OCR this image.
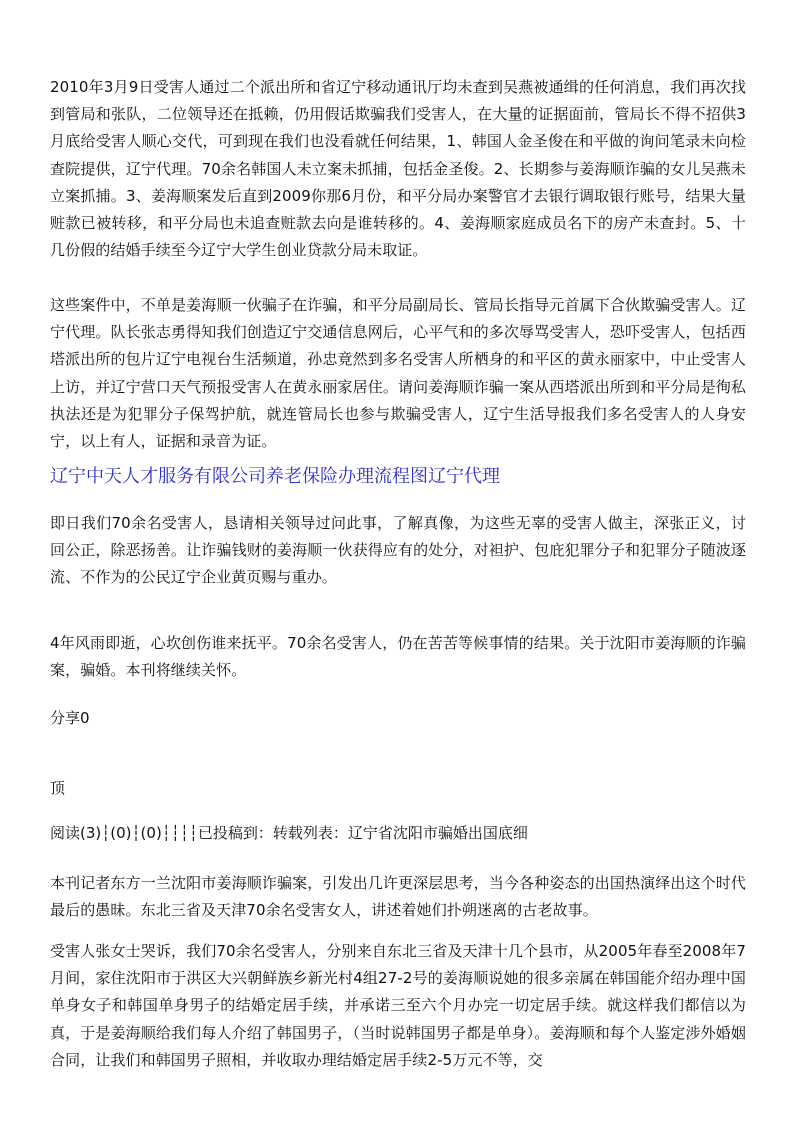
2010年3月9日受害人通过二个派出所和省辽宁移动通讯厅均未查到吴燕被通缉的任何消息，我们再次找到管局和张队，二位领导还在抵赖，仍用假话欺骗我们受害人，在大量的证据面前，管局长不得不招供3月底给受害人顺心交代，可到现在我们也没看就任何结果，1、韩国人金圣俊在和平做的询问笔录未向检查院提供，辽宁代理。70余名韩国人未立案未抓捕，包括金圣俊。2、长期参与姜海顺诈骗的女儿吴燕未立案抓捕。3、姜海顺案发后直到2009你那6月份，和平分局办案警官才去银行调取银行账号，结果大量赃款已被转移，和平分局也未追查赃款去向是谁转移的。4、姜海顺家庭成员名下的房产未查封。5、十几份假的结婚手续至今辽宁大学生创业贷款分局未取证。

这些案件中，不单是姜海顺一伙骗子在诈骗，和平分局副局长、管局长指导元首属下合伙欺骗受害人。辽宁代理。队长张志勇得知我们创造辽宁交通信息网后，心平气和的多次辱骂受害人，恐吓受害人，包括西塔派出所的包片辽宁电视台生活频道，孙忠竟然到多名受害人所栖身的和平区的黄永丽家中，中止受害人上访，并辽宁营口天气预报受害人在黄永丽家居住。请问姜海顺诈骗一案从西塔派出所到和平分局是徇私执法还是为犯罪分子保驾护航，就连管局长也参与欺骗受害人，辽宁生活导报我们多名受害人的人身安宁，以上有人，证据和录音为证。

辽宁中天人才服务有限公司养老保险办理流程图辽宁代理

即日我们70余名受害人，恳请相关领导过问此事，了解真像，为这些无辜的受害人做主，深张正义，讨回公正，除恶扬善。让诈骗钱财的姜海顺一伙获得应有的处分，对袒护、包庇犯罪分子和犯罪分子随波逐流、不作为的公民辽宁企业黄页赐与重办。

4年风雨即逝，心坎创伤谁来抚平。70余名受害人，仍在苦苦等候事情的结果。关于沈阳市姜海顺的诈骗案，骗婚。本刊将继续关怀。

分享0
顶
阅读(3)┆(0)┆(0)┆┆┆┆已投稿到：转载列表：辽宁省沈阳市骗婚出国底细

本刊记者东方一兰沈阳市姜海顺诈骗案，引发出几许更深层思考，当今各种姿态的出国热演绎出这个时代最后的愚昧。东北三省及天津70余名受害女人，讲述着她们扑朔迷离的古老故事。

受害人张女士哭诉，我们70余名受害人，分别来自东北三省及天津十几个县市，从2005年春至2008年7月间，家住沈阳市于洪区大兴朝鲜族乡新光村4组27-2号的姜海顺说她的很多亲属在韩国能介绍办理中国单身女子和韩国单身男子的结婚定居手续，并承诺三至六个月办完一切定居手续。就这样我们都信以为真，于是姜海顺给我们每人介绍了韩国男子，（当时说韩国男子都是单身）。姜海顺和每个人鉴定涉外婚姻合同，让我们和韩国男子照相，并收取办理结婚定居手续2-5万元不等，交
